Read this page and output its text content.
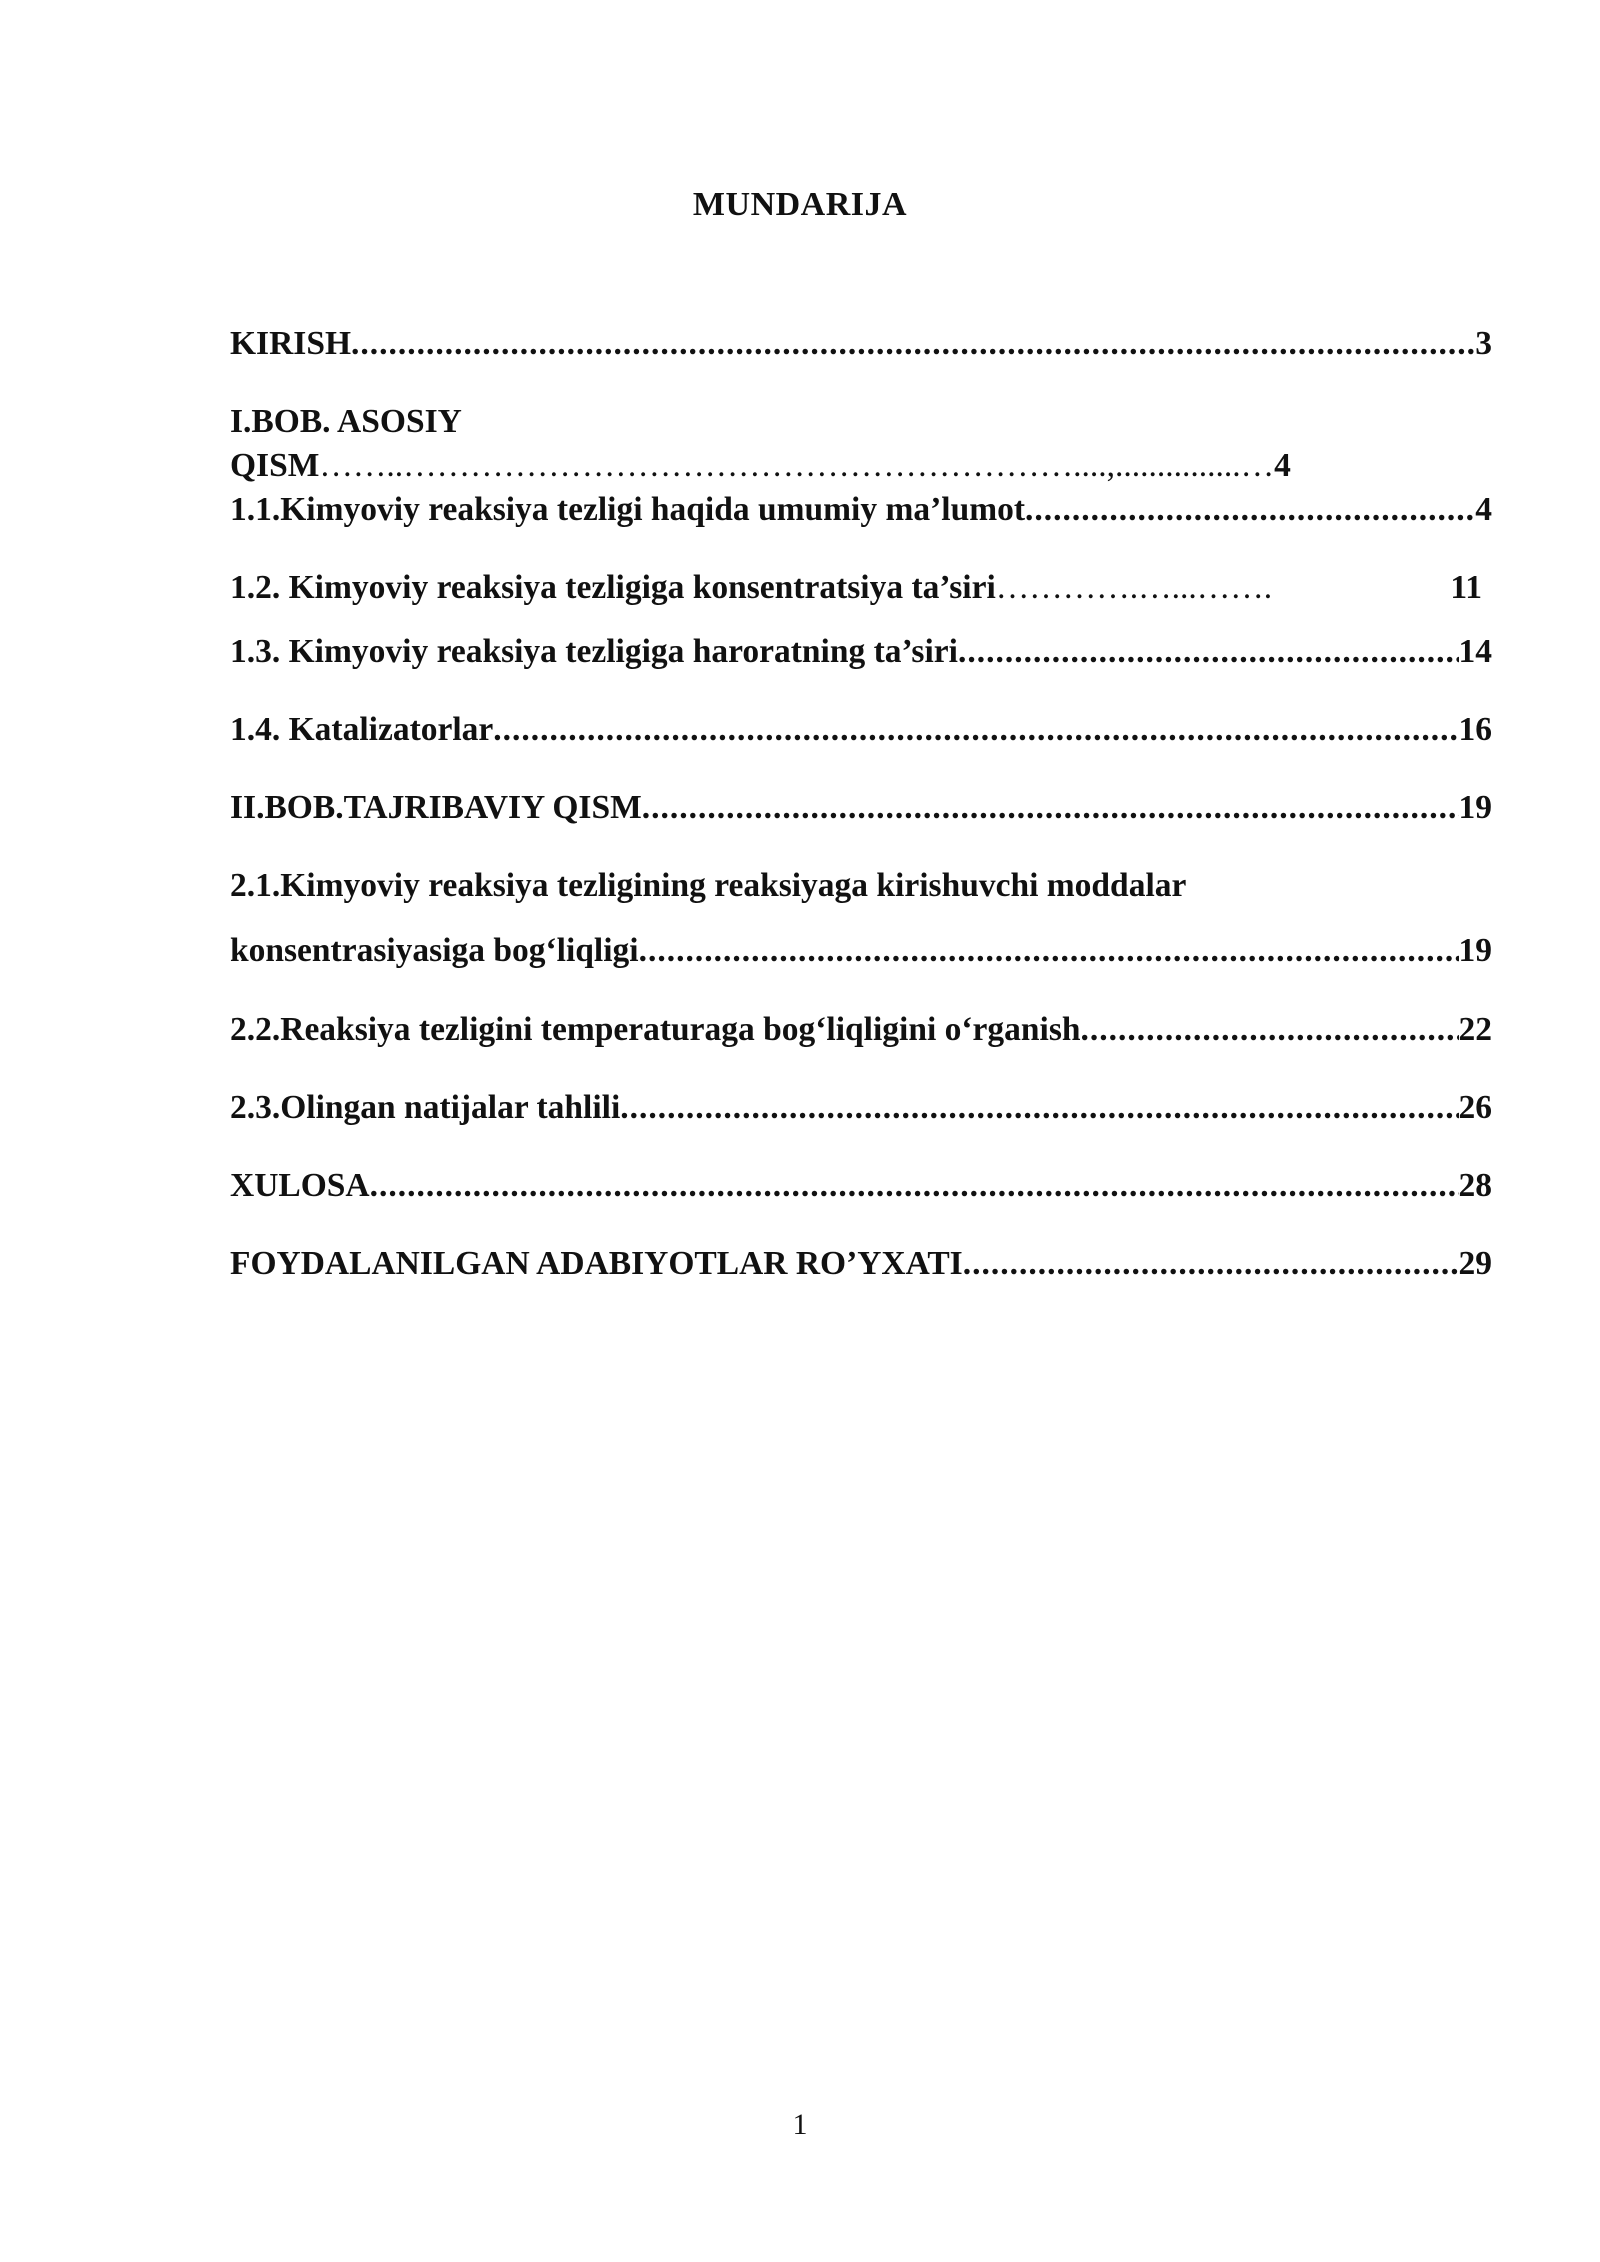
MUNDARIJA
KIRISH .....	3
I.BOB. ASOSIY
QISM ……..……………………………………………………....,...............… 4
1.1.Kimyoviy reaksiya tezligi haqida umumiy ma’lumot .....	4
1.2. Kimyoviy reaksiya tezligiga konsentratsiya ta’siri ………….…...…….	11
1.3. Kimyoviy reaksiya tezligiga haroratning ta’siri .....	14
1.4. Katalizatorlar .....	16
II.BOB.TAJRIBAVIY QISM .....	19
2.1.Kimyoviy reaksiya tezligining reaksiyaga kirishuvchi moddalar
konsentrasiyasiga bog‘liqligi .....	19
2.2.Reaksiya tezligini temperaturaga bog‘liqligini o‘rganish .....	22
2.3.Olingan natijalar tahlili .....	26
XULOSA .....	28
FOYDALANILGAN ADABIYOTLAR RO’YXATI .....	29
1
